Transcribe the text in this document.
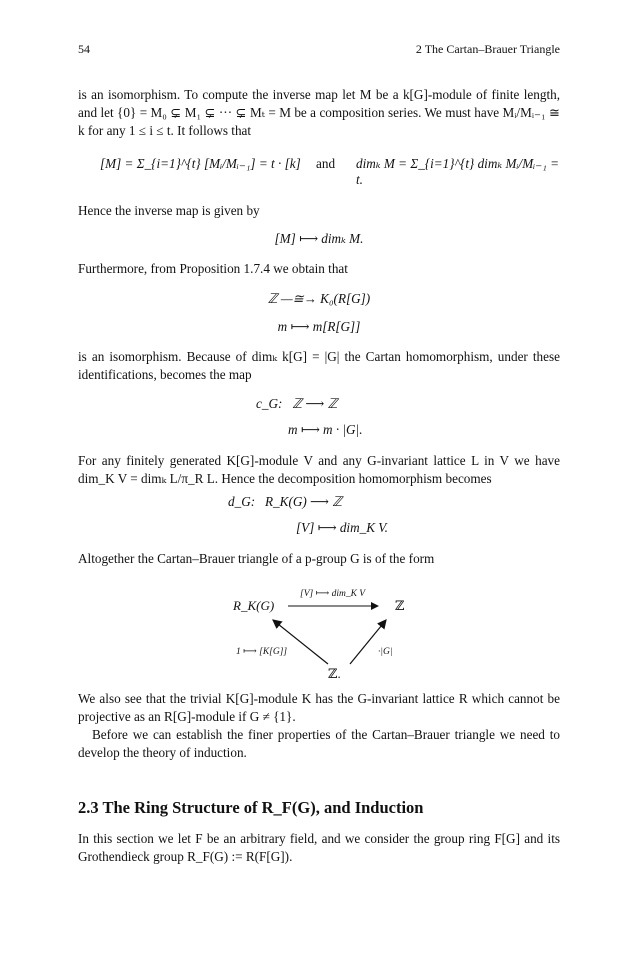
54	2 The Cartan–Brauer Triangle

is an isomorphism. To compute the inverse map let M be a k[G]-module of finite length, and let {0} = M₀ ⊊ M₁ ⊊ ··· ⊊ Mₜ = M be a composition series. We must have Mᵢ/Mᵢ₋₁ ≅ k for any 1 ≤ i ≤ t. It follows that

[M] = Σ_{i=1}^{t} [Mᵢ/Mᵢ₋₁] = t · [k] and dimₖ M = Σ_{i=1}^{t} dimₖ Mᵢ/Mᵢ₋₁ = t.

Hence the inverse map is given by

[M] ⟼ dimₖ M.

Furthermore, from Proposition 1.7.4 we obtain that

ℤ —≅→ K₀(R[G])
m ⟼ m[R[G]]

is an isomorphism. Because of dimₖ k[G] = |G| the Cartan homomorphism, under these identifications, becomes the map

c_G:   ℤ ⟶ ℤ
m ⟼ m · |G|.

For any finitely generated K[G]-module V and any G-invariant lattice L in V we have dim_K V = dimₖ L/π_R L. Hence the decomposition homomorphism becomes

d_G:   R_K(G) ⟶ ℤ
[V] ⟼ dim_K V.

Altogether the Cartan–Brauer triangle of a p-group G is of the form

R_K(G)	ℤ
ℤ.
[V] ⟼ dim_K V
1 ⟼ [K[G]]	·|G|

We also see that the trivial K[G]-module K has the G-invariant lattice R which cannot be projective as an R[G]-module if G ≠ {1}.

Before we can establish the finer properties of the Cartan–Brauer triangle we need to develop the theory of induction.

2.3 The Ring Structure of R_F(G), and Induction

In this section we let F be an arbitrary field, and we consider the group ring F[G] and its Grothendieck group R_F(G) := R(F[G]).
